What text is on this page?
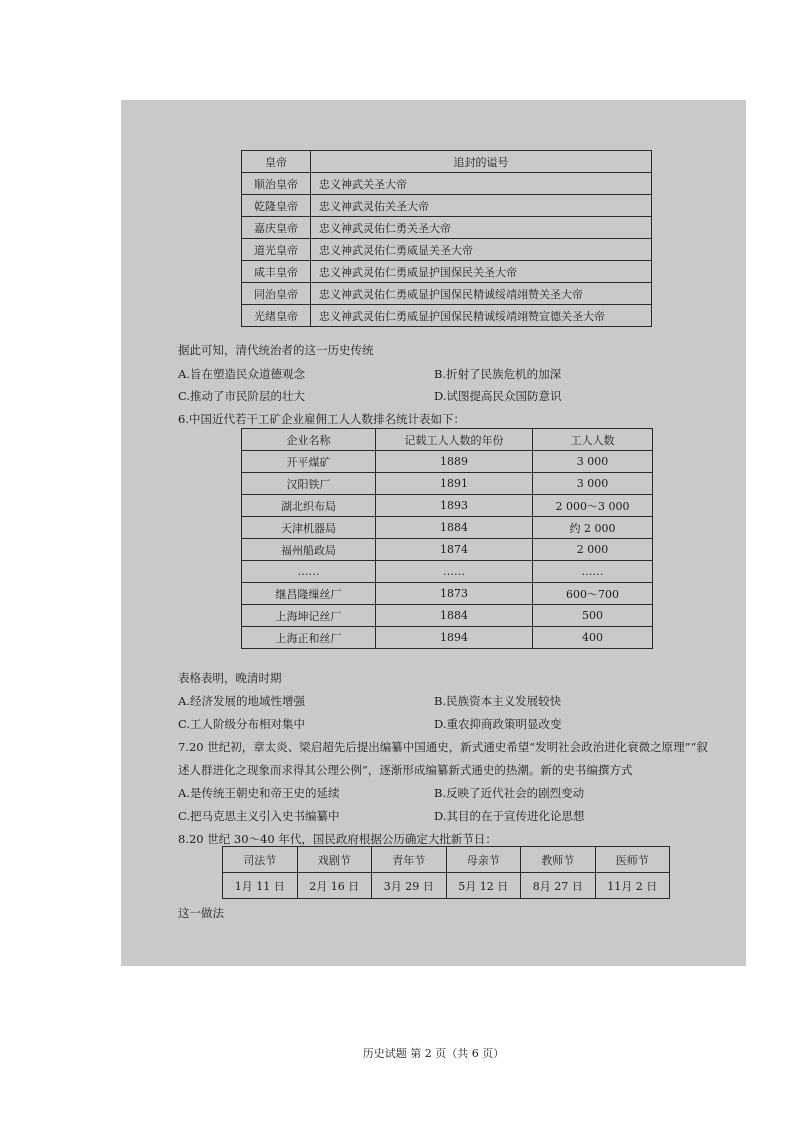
皇帝	追封的谥号
顺治皇帝	忠义神武关圣大帝
乾隆皇帝	忠义神武灵佑关圣大帝
嘉庆皇帝	忠义神武灵佑仁勇关圣大帝
道光皇帝	忠义神武灵佑仁勇威显关圣大帝
咸丰皇帝	忠义神武灵佑仁勇威显护国保民关圣大帝
同治皇帝	忠义神武灵佑仁勇威显护国保民精诚绥靖翊赞关圣大帝
光绪皇帝	忠义神武灵佑仁勇威显护国保民精诚绥靖翊赞宣德关圣大帝
据此可知，清代统治者的这一历史传统
A.旨在塑造民众道德观念	B.折射了民族危机的加深
C.推动了市民阶层的壮大	D.试图提高民众国防意识
6.中国近代若干工矿企业雇佣工人人数排名统计表如下：
企业名称	记载工人人数的年份	工人人数
开平煤矿	1889	3 000
汉阳铁厂	1891	3 000
湖北织布局	1893	2 000～3 000
天津机器局	1884	约 2 000
福州船政局	1874	2 000
……	……	……
继昌隆缫丝厂	1873	600～700
上海坤记丝厂	1884	500
上海正和丝厂	1894	400
表格表明，晚清时期
A.经济发展的地域性增强	B.民族资本主义发展较快
C.工人阶级分布相对集中	D.重农抑商政策明显改变
7.20 世纪初，章太炎、梁启超先后提出编纂中国通史，新式通史希望“发明社会政治进化衰微之原理”“叙
述人群进化之现象而求得其公理公例”，逐渐形成编纂新式通史的热潮。新的史书编撰方式
A.是传统王朝史和帝王史的延续	B.反映了近代社会的剧烈变动
C.把马克思主义引入史书编纂中	D.其目的在于宣传进化论思想
8.20 世纪 30～40 年代，国民政府根据公历确定大批新节日：
司法节	戏剧节	青年节	母亲节	教师节	医师节
1月 11 日	2月 16 日	3月 29 日	5月 12 日	8月 27 日	11月 2 日
这一做法
历史试题 第 2 页（共 6 页）
